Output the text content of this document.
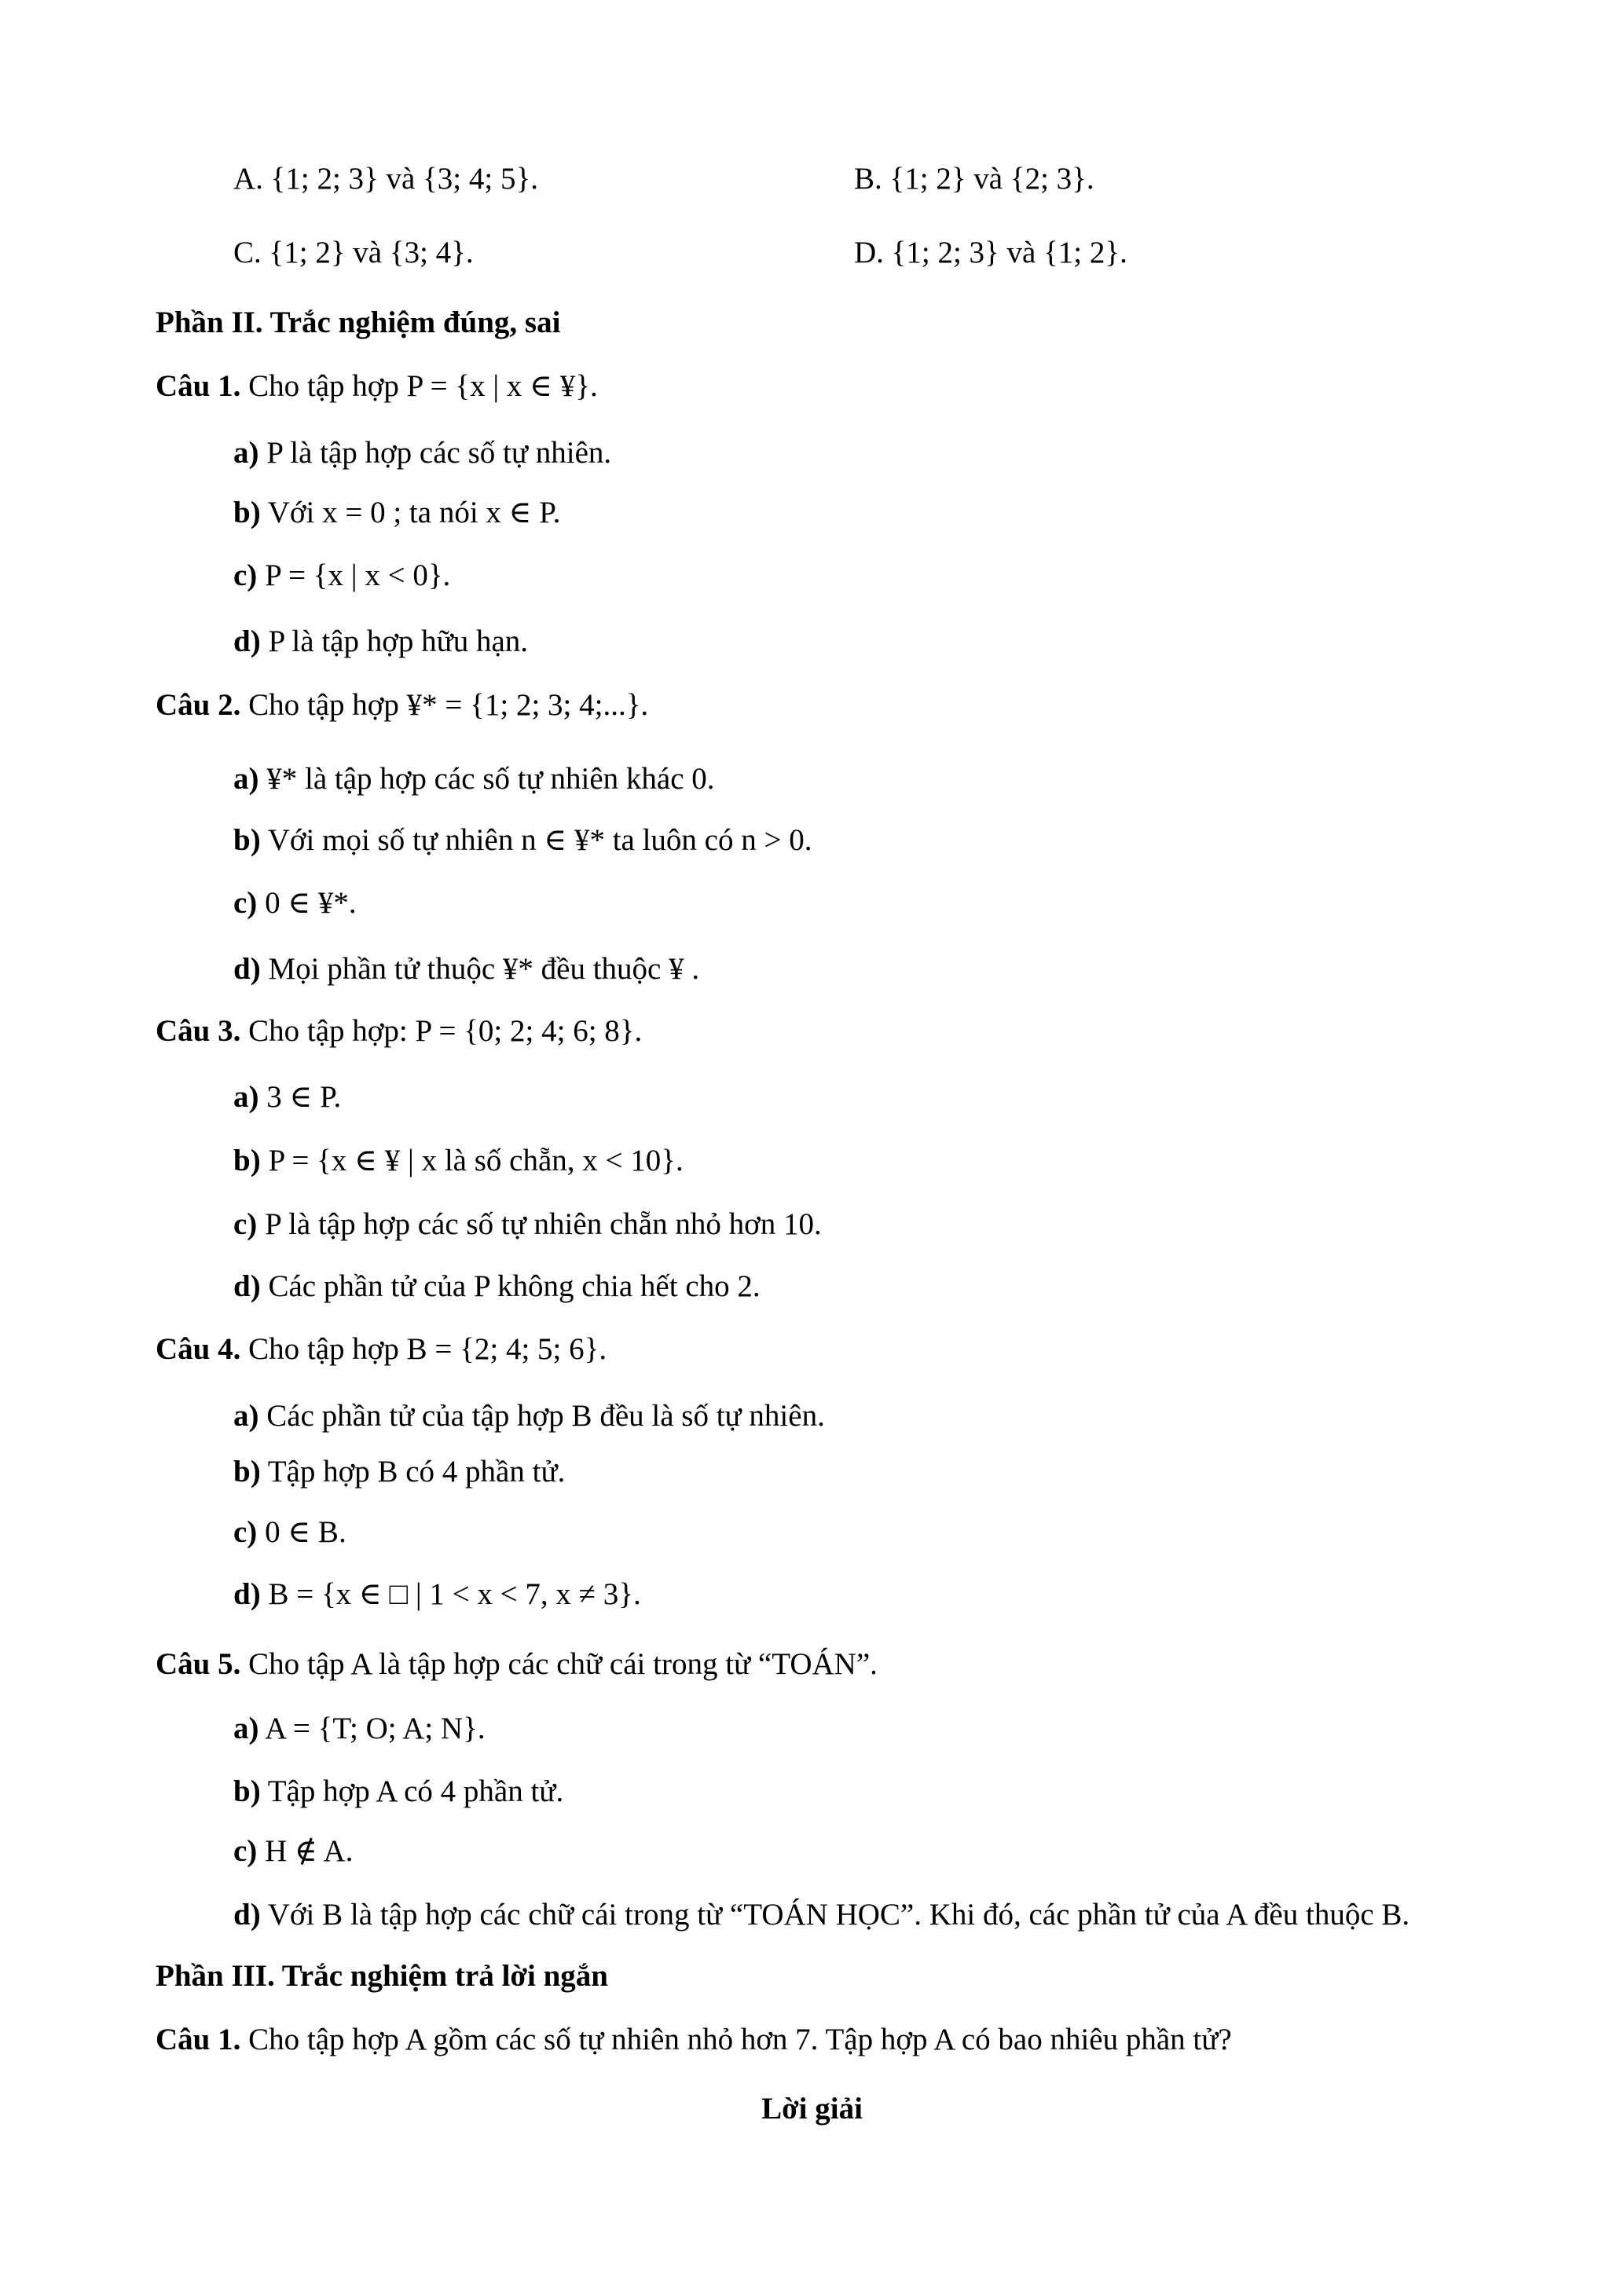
A. {1; 2; 3} và {3; 4; 5}.	B. {1; 2} và {2; 3}.
C. {1; 2} và {3; 4}.	D. {1; 2; 3} và {1; 2}.
Phần II. Trắc nghiệm đúng, sai
Câu 1. Cho tập hợp P = {x | x ∈ ¥}.
a) P là tập hợp các số tự nhiên.
b) Với x = 0 ; ta nói x ∈ P.
c) P = {x | x < 0}.
d) P là tập hợp hữu hạn.
Câu 2. Cho tập hợp ¥* = {1; 2; 3; 4;...}.
a) ¥* là tập hợp các số tự nhiên khác 0.
b) Với mọi số tự nhiên n ∈ ¥* ta luôn có n > 0.
c) 0 ∈ ¥*.
d) Mọi phần tử thuộc ¥* đều thuộc ¥ .
Câu 3. Cho tập hợp: P = {0; 2; 4; 6; 8}.
a) 3 ∈ P.
b) P = {x ∈ ¥ | x là số chẵn, x < 10}.
c) P là tập hợp các số tự nhiên chẵn nhỏ hơn 10.
d) Các phần tử của P không chia hết cho 2.
Câu 4. Cho tập hợp B = {2; 4; 5; 6}.
a) Các phần tử của tập hợp B đều là số tự nhiên.
b) Tập hợp B có 4 phần tử.
c) 0 ∈ B.
d) B = {x ∈ □ | 1 < x < 7, x ≠ 3}.
Câu 5. Cho tập A là tập hợp các chữ cái trong từ “TOÁN”.
a) A = {T; O; A; N}.
b) Tập hợp A có 4 phần tử.
c) H ∉ A.
d) Với B là tập hợp các chữ cái trong từ “TOÁN HỌC”. Khi đó, các phần tử của A đều thuộc B.
Phần III. Trắc nghiệm trả lời ngắn
Câu 1. Cho tập hợp A gồm các số tự nhiên nhỏ hơn 7. Tập hợp A có bao nhiêu phần tử?
Lời giải
